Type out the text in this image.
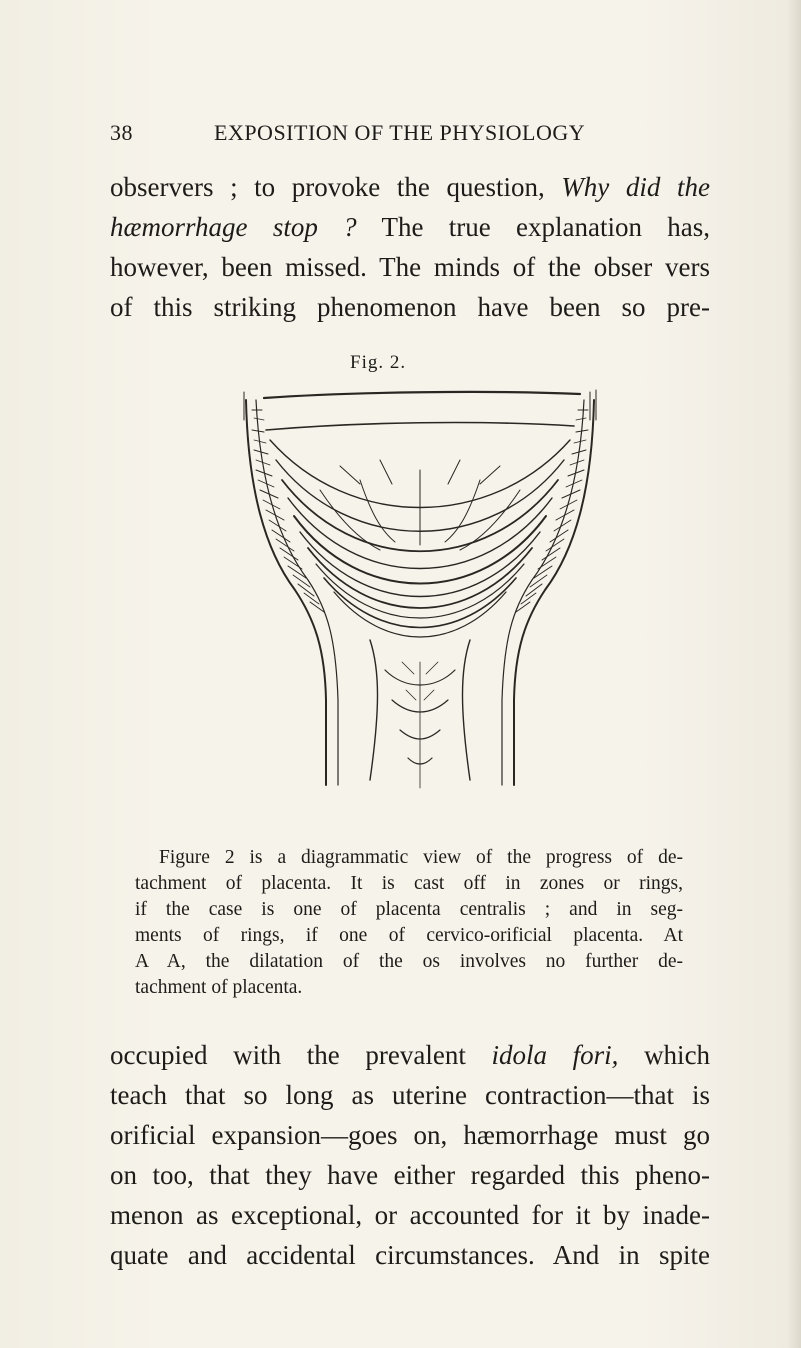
38	EXPOSITION OF THE PHYSIOLOGY
observers ; to provoke the question, Why did the
hæmorrhage stop ? The true explanation has,
however, been missed. The minds of the obser vers
of this striking phenomenon have been so pre-
Fig. 2.
Figure 2 is a diagrammatic view of the progress of de-
tachment of placenta. It is cast off in zones or rings,
if the case is one of placenta centralis ; and in seg-
ments of rings, if one of cervico-orificial placenta. At
A A, the dilatation of the os involves no further de-
tachment of placenta.
occupied with the prevalent idola fori, which
teach that so long as uterine contraction—that is
orificial expansion—goes on, hæmorrhage must go
on too, that they have either regarded this pheno-
menon as exceptional, or accounted for it by inade-
quate and accidental circumstances. And in spite
